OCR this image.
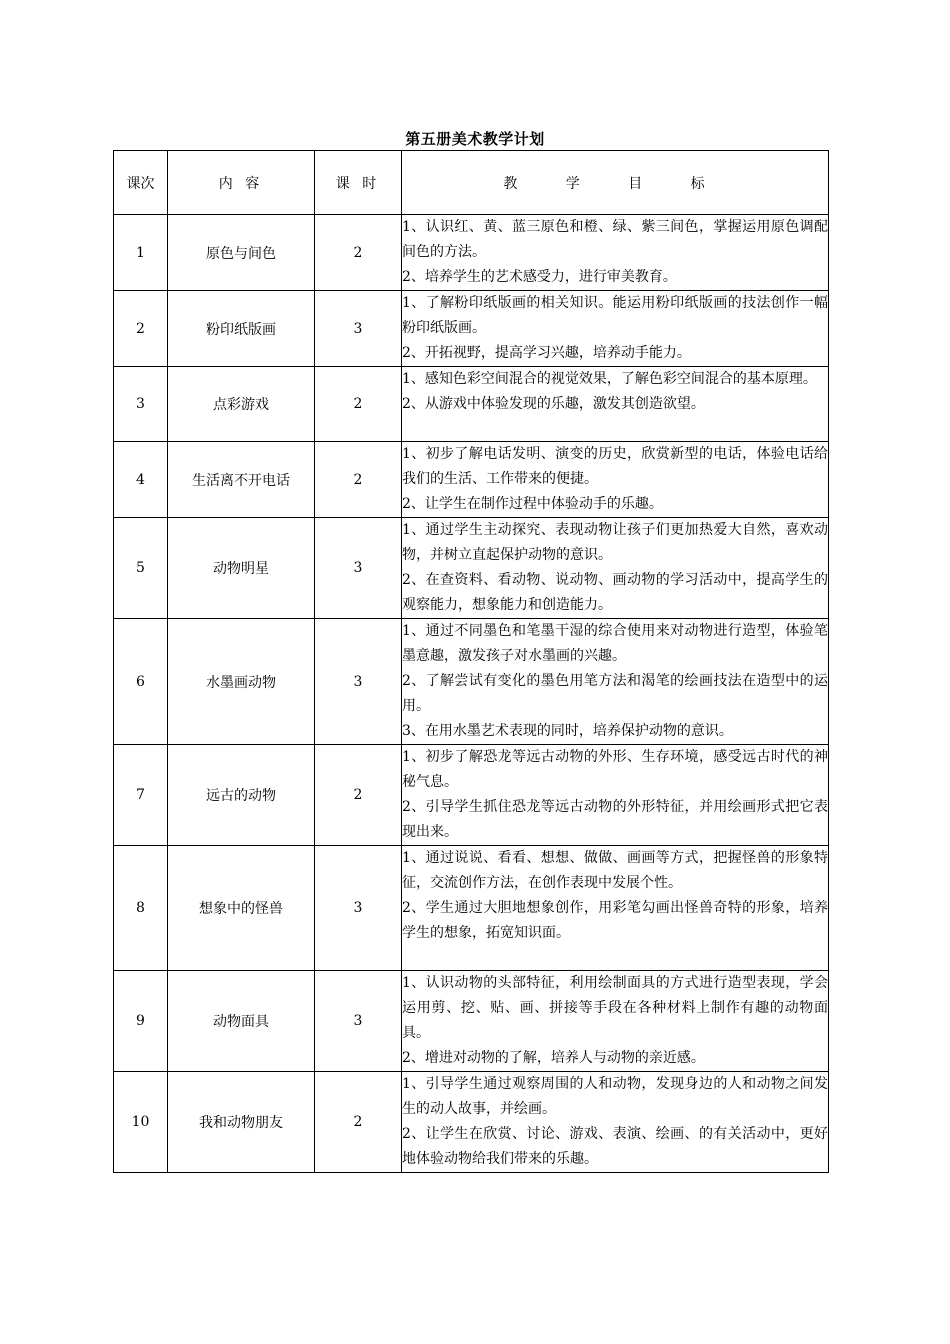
第五册美术教学计划
课次	内 容	课 时	教 学 目 标
1	原色与间色	2	1、认识红、黄、蓝三原色和橙、绿、紫三间色，掌握运用原色调配间色的方法。
2、培养学生的艺术感受力，进行审美教育。

2	粉印纸版画	3	1、了解粉印纸版画的相关知识。能运用粉印纸版画的技法创作一幅粉印纸版画。
2、开拓视野，提高学习兴趣，培养动手能力。

3	点彩游戏	2	1、感知色彩空间混合的视觉效果，了解色彩空间混合的基本原理。
2、从游戏中体验发现的乐趣，激发其创造欲望。

4	生活离不开电话	2	1、初步了解电话发明、演变的历史，欣赏新型的电话，体验电话给我们的生活、工作带来的便捷。
2、让学生在制作过程中体验动手的乐趣。

5	动物明星	3	1、通过学生主动探究、表现动物让孩子们更加热爱大自然，喜欢动物，并树立直起保护动物的意识。
2、在查资料、看动物、说动物、画动物的学习活动中，提高学生的观察能力，想象能力和创造能力。

6	水墨画动物	3	1、通过不同墨色和笔墨干湿的综合使用来对动物进行造型，体验笔墨意趣，激发孩子对水墨画的兴趣。
2、了解尝试有变化的墨色用笔方法和渴笔的绘画技法在造型中的运用。
3、在用水墨艺术表现的同时，培养保护动物的意识。

7	远古的动物	2	1、初步了解恐龙等远古动物的外形、生存环境，感受远古时代的神秘气息。
2、引导学生抓住恐龙等远古动物的外形特征，并用绘画形式把它表现出来。

8	想象中的怪兽	3	1、通过说说、看看、想想、做做、画画等方式，把握怪兽的形象特征，交流创作方法，在创作表现中发展个性。
2、学生通过大胆地想象创作，用彩笔勾画出怪兽奇特的形象，培养学生的想象，拓宽知识面。

9	动物面具	3	1、认识动物的头部特征，利用绘制面具的方式进行造型表现，学会运用剪、挖、贴、画、拼接等手段在各种材料上制作有趣的动物面具。
2、增进对动物的了解，培养人与动物的亲近感。

10	我和动物朋友	2	1、引导学生通过观察周围的人和动物，发现身边的人和动物之间发生的动人故事，并绘画。
2、让学生在欣赏、讨论、游戏、表演、绘画、的有关活动中，更好地体验动物给我们带来的乐趣。
